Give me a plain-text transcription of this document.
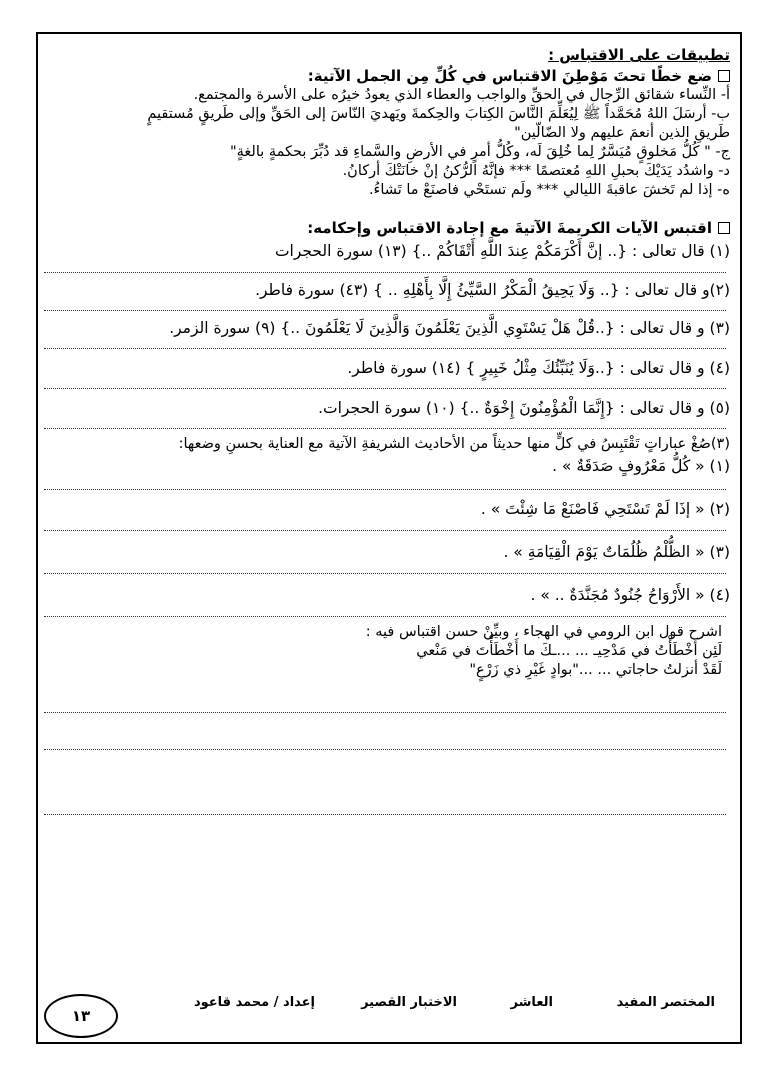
تطبيقات على الاقتباس :

ضع خطًا تحتَ مَوْطِنَ الاقتباس في كُلِّ مِن الجمل الآتية:

أ- النِّساء شقائق الرِّجال في الحقِّ والواجب والعطاء الذي يعودُ خيرُه على الأسرة والمجتمع.

ب- أرسَلَ اللهُ مُحَمَّداً ﷺ لِيُعَلِّمَ النَّاسَ الكِتابَ والحِكمةَ ويَهديَ النّاسَ إلى الحَقِّ وإلى طَريقٍ مُستقيمٍ

طَريقِ الذين أنعمَ عليهم ولا الضّالّين"

ج- " كُلُّ مَخلوقٍ مُيَسَّرٌ لِما خُلِقَ لَه، وكُلُّ أمرٍ في الأرضِ والسَّماءِ قد دُبِّرَ بحكمةٍ بالغةٍ"

د- واشدُد يَدَيْكَ بحبلِ اللهِ مُعتصمًا *** فإنَّهُ الرُّكنُ إنْ خانَتْكَ أركانُ.

ه- إذا لم تَخشَ عاقبةَ الليالي *** ولَم تستَحْي فاصنَعْ ما تَشاءُ.

اقتبس الآيات الكريمةَ الآتيةَ مع إجادة الاقتباس وإحكامه:

(١) قال تعالى : {.. إنَّ أَكْرَمَكُمْ عِندَ اللَّهِ أَتْقَاكُمْ ..} (١٣) سورة الحجرات

(٢)و قال تعالى : {.. وَلَا يَحِيقُ الْمَكْرُ السَّيِّئُ إِلَّا بِأَهْلِهِ .. } (٤٣) سورة فاطر.

(٣) و قال تعالى : {..قُلْ هَلْ يَسْتَوِي الَّذِينَ يَعْلَمُونَ وَالَّذِينَ لَا يَعْلَمُونَ ..} (٩) سورة الزمر.

(٤) و قال تعالى : {..وَلَا يُنَبِّئُكَ مِثْلُ خَبِيرٍ } (١٤) سورة فاطر.

(٥) و قال تعالى : {إِنَّمَا الْمُؤْمِنُونَ إِخْوَةٌ ..} (١٠) سورة الحجرات.

(٣)صُغْ عباراتٍ تَقْتَبِسُ في كلٍّ منها حديثاً من الأحاديث الشريفةِ الآتية مع العناية بحسنِ وضعها:

(١) « كُلُّ مَعْرُوفٍ صَدَقَةٌ » .

(٢) « إذَا لَمْ تَسْتَحِي فَاصْنَعْ مَا شِئْتَ » .

(٣) « الظُّلْمُ ظُلُمَاتٌ يَوْمَ الْقِيَامَةِ » .

(٤) « الأَرْوَاحُ جُنُودٌ مُجَنَّدَةٌ .. » .

اشرح قول ابن الرومي في الهجاء ، وبيِّنْ حسن اقتباس فيه :

لَئِن أَخْطَأْتُ في مَدْحِيـ ... ...ـكَ ما أَخْطَأْتَ في مَنْعي

لَقَدْ أنزلتُ حاجاتي ... ..."بوادٍ غَيْرِ ذي زَرْعٍ"

المختصر المفيد
العاشر
الاختبار القصير
إعداد / محمد قاعود
١٣
